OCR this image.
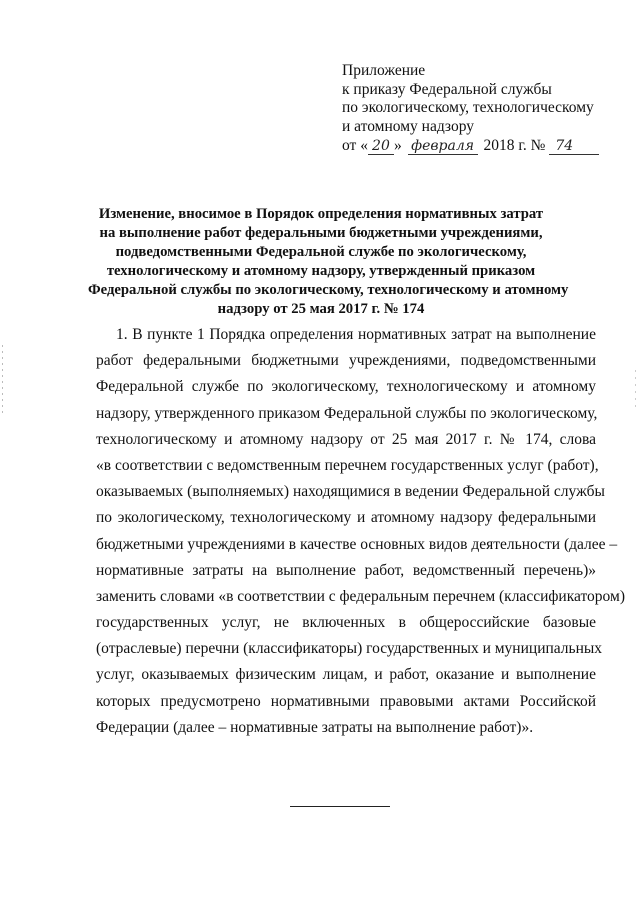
Приложение
к приказу Федеральной службы
по экологическому, технологическому
и атомному надзору
от « 20 » февраля 2018 г. № 74
Изменение, вносимое в Порядок определения нормативных затрат
на выполнение работ федеральными бюджетными учреждениями,
подведомственными Федеральной службе по экологическому,
технологическому и атомному надзору, утвержденный приказом
Федеральной службы по экологическому, технологическому и атомному
надзору от 25 мая 2017 г. № 174
1. В пункте 1 Порядка определения нормативных затрат на выполнение
работ федеральными бюджетными учреждениями, подведомственными
Федеральной службе по экологическому, технологическому и атомному
надзору, утвержденного приказом Федеральной службы по экологическому,
технологическому и атомному надзору от 25 мая 2017 г. № 174, слова
«в соответствии с ведомственным перечнем государственных услуг (работ),
оказываемых (выполняемых) находящимися в ведении Федеральной службы
по экологическому, технологическому и атомному надзору федеральными
бюджетными учреждениями в качестве основных видов деятельности (далее –
нормативные затраты на выполнение работ, ведомственный перечень)»
заменить словами «в соответствии с федеральным перечнем (классификатором)
государственных услуг, не включенных в общероссийские базовые
(отраслевые) перечни (классификаторы) государственных и муниципальных
услуг, оказываемых физическим лицам, и работ, оказание и выполнение
которых предусмотрено нормативными правовыми актами Российской
Федерации (далее – нормативные затраты на выполнение работ)».
